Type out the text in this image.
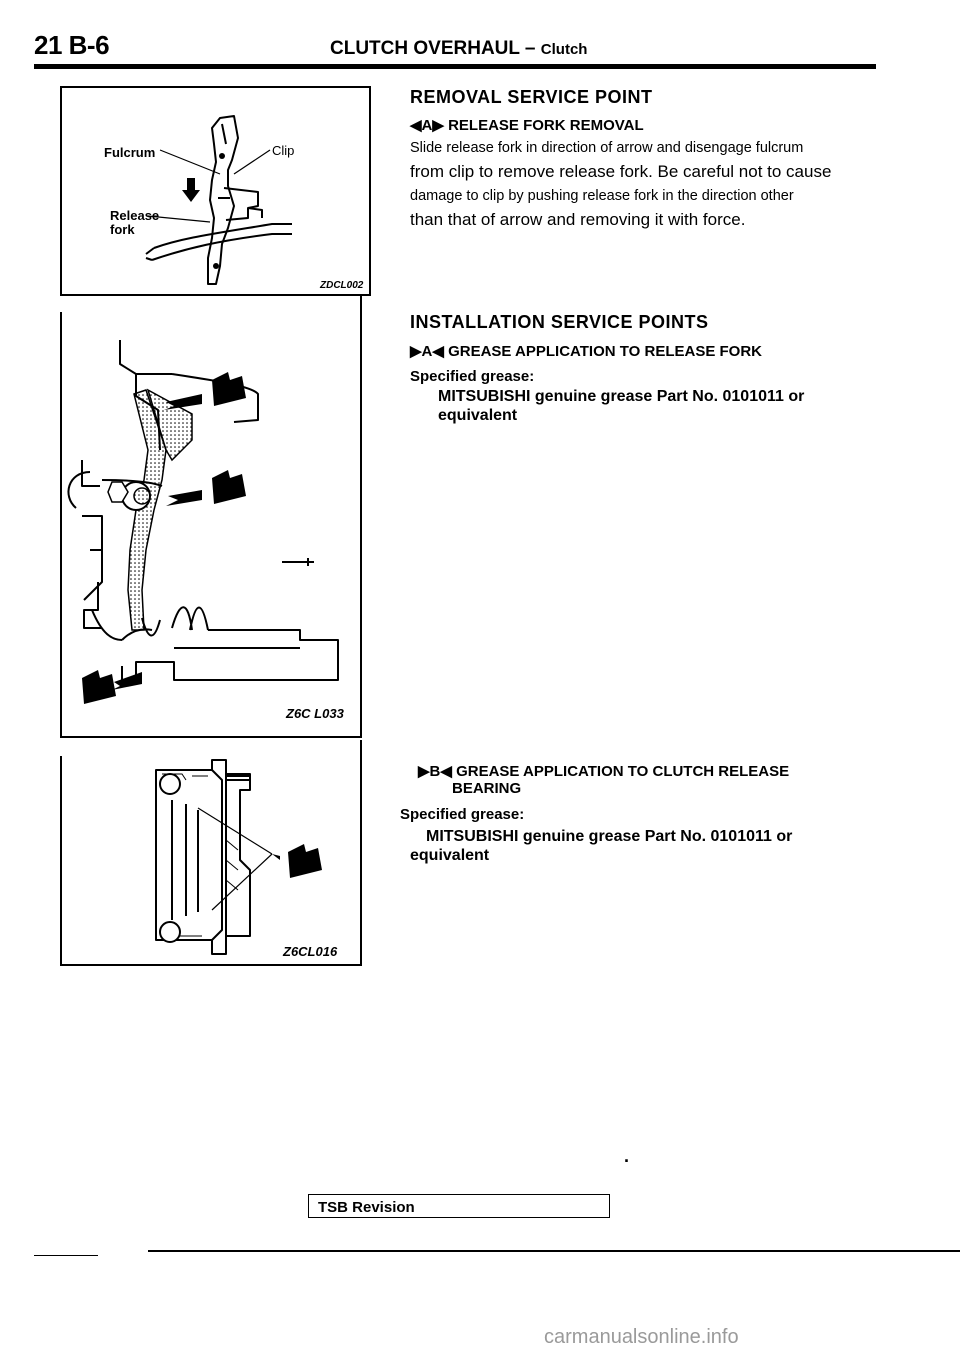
21 B-6	CLUTCH OVERHAUL – Clutch
Fulcrum	Clip
Release
fork
ZDCL002
Z6C L033
Z6CL016
REMOVAL SERVICE POINT
◀A▶ RELEASE FORK REMOVAL
Slide release fork in direction of arrow and disengage fulcrum
from clip to remove release fork. Be careful not to cause
damage to clip by pushing release fork in the direction other
than that of arrow and removing it with force.
INSTALLATION SERVICE POINTS
▶A◀ GREASE APPLICATION TO RELEASE FORK
Specified grease:
MITSUBISHI genuine grease Part No. 0101011 or
equivalent
▶B◀ GREASE APPLICATION TO CLUTCH RELEASE
BEARING
Specified grease:
MITSUBISHI genuine grease Part No. 0101011 or
equivalent
.
TSB Revision
carmanualsonline.info
